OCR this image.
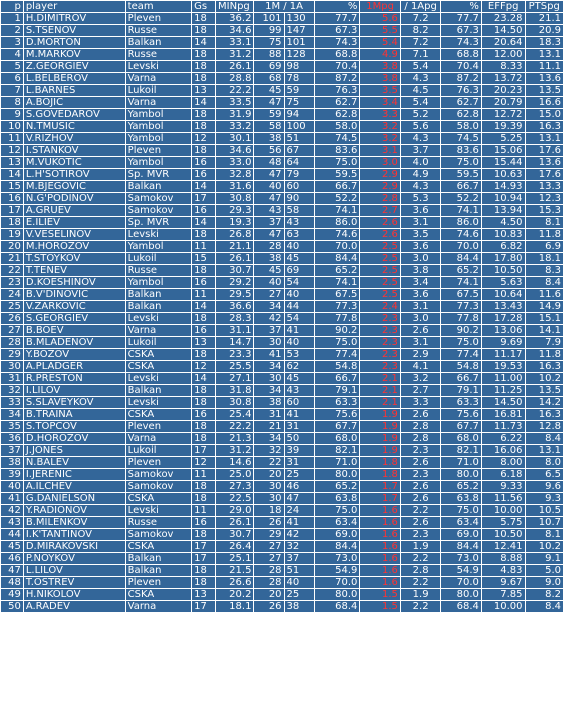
p	player	team	Gs	MINpg	1M / 1A		%	1Mpg	/ 1Apg	%	EFFpg	PTSpg
1	H.DIMITROV	Pleven	18	36.2	101	130	77.7	5.6	7.2	77.7	23.28	21.1
2	S.TSENOV	Russe	18	34.6	99	147	67.3	5.5	8.2	67.3	14.50	20.9
3	D.MORTON	Balkan	14	33.1	75	101	74.3	5.4	7.2	74.3	20.64	18.3
4	M.MARKOV	Russe	18	31.2	88	128	68.8	4.9	7.1	68.8	12.00	13.1
5	Z.GEORGIEV	Levski	18	26.1	69	98	70.4	3.8	5.4	70.4	8.33	11.1
6	L.BELBEROV	Varna	18	28.8	68	78	87.2	3.8	4.3	87.2	13.72	13.6
7	L.BARNES	Lukoil	13	22.2	45	59	76.3	3.5	4.5	76.3	20.23	13.5
8	A.BOJIC	Varna	14	33.5	47	75	62.7	3.4	5.4	62.7	20.79	16.6
9	S.GOVEDAROV	Yambol	18	31.9	59	94	62.8	3.3	5.2	62.8	12.72	15.0
10	N.TMUSIC	Yambol	18	33.2	58	100	58.0	3.2	5.6	58.0	19.39	16.3
11	V.RIZHOV	Yambol	12	30.1	38	51	74.5	3.2	4.3	74.5	5.25	13.1
12	I.STANKOV	Pleven	18	34.6	56	67	83.6	3.1	3.7	83.6	15.06	17.6
13	M.VUKOTIC	Yambol	16	33.0	48	64	75.0	3.0	4.0	75.0	15.44	13.6
14	L.H'SOTIROV	Sp. MVR	16	32.8	47	79	59.5	2.9	4.9	59.5	10.63	17.6
15	M.BJEGOVIC	Balkan	14	31.6	40	60	66.7	2.9	4.3	66.7	14.93	13.3
16	N.G'PODINOV	Samokov	17	30.8	47	90	52.2	2.8	5.3	52.2	10.94	12.3
17	A.GRUEV	Samokov	16	29.3	43	58	74.1	2.7	3.6	74.1	13.94	15.3
18	E.ILIEV	Sp. MVR	14	19.3	37	43	86.0	2.6	3.1	86.0	4.50	8.1
19	V.VESELINOV	Levski	18	26.8	47	63	74.6	2.6	3.5	74.6	10.83	11.8
20	M.HOROZOV	Yambol	11	21.1	28	40	70.0	2.5	3.6	70.0	6.82	6.9
21	T.STOYKOV	Lukoil	15	26.1	38	45	84.4	2.5	3.0	84.4	17.80	18.1
22	T.TENEV	Russe	18	30.7	45	69	65.2	2.5	3.8	65.2	10.50	8.3
23	D.KOESHINOV	Yambol	16	29.2	40	54	74.1	2.5	3.4	74.1	5.63	8.4
24	B.V'DINOVIC	Balkan	11	29.5	27	40	67.5	2.5	3.6	67.5	10.64	11.6
25	V.ZARKOVIC	Balkan	14	36.6	34	44	77.3	2.4	3.1	77.3	13.43	14.9
26	S.GEORGIEV	Levski	18	28.3	42	54	77.8	2.3	3.0	77.8	17.28	15.1
27	B.BOEV	Varna	16	31.1	37	41	90.2	2.3	2.6	90.2	13.06	14.1
28	B.MLADENOV	Lukoil	13	14.7	30	40	75.0	2.3	3.1	75.0	9.69	7.9
29	Y.BOZOV	CSKA	18	23.3	41	53	77.4	2.3	2.9	77.4	11.17	11.8
30	A.PLADGER	CSKA	12	25.5	34	62	54.8	2.3	4.1	54.8	19.53	16.3
31	R.PRESTON	Levski	14	27.1	30	45	66.7	2.1	3.2	66.7	11.00	10.2
32	I.LILOV	Balkan	18	31.8	34	43	79.1	2.1	2.7	79.1	11.25	13.5
33	S.SLAVEYKOV	Levski	18	30.8	38	60	63.3	2.1	3.3	63.3	14.50	14.2
34	B.TRAINA	CSKA	16	25.4	31	41	75.6	1.9	2.6	75.6	16.81	16.3
35	S.TOPCOV	Pleven	18	22.2	21	31	67.7	1.9	2.8	67.7	11.73	12.8
36	D.HOROZOV	Varna	18	21.3	34	50	68.0	1.9	2.8	68.0	6.22	8.4
37	J.JONES	Lukoil	17	31.2	32	39	82.1	1.9	2.3	82.1	16.06	13.1
38	N.BALEV	Pleven	12	14.6	22	31	71.0	1.8	2.6	71.0	8.00	8.0
39	I.JERENIC	Samokov	11	25.0	20	25	80.0	1.8	2.3	80.0	6.18	6.5
40	A.ILCHEV	Samokov	18	27.3	30	46	65.2	1.7	2.6	65.2	9.33	9.6
41	G.DANIELSON	CSKA	18	22.5	30	47	63.8	1.7	2.6	63.8	11.56	9.3
42	Y.RADIONOV	Levski	11	29.0	18	24	75.0	1.6	2.2	75.0	10.00	10.5
43	B.MILENKOV	Russe	16	26.1	26	41	63.4	1.6	2.6	63.4	5.75	10.7
44	I.K'TANTINOV	Samokov	18	30.7	29	42	69.0	1.6	2.3	69.0	10.50	8.1
45	D.MIRAKOVSKI	CSKA	17	26.4	27	32	84.4	1.6	1.9	84.4	12.41	10.2
46	P.NOYKOV	Balkan	17	25.1	27	37	73.0	1.6	2.2	73.0	8.88	9.1
47	L.LILOV	Balkan	18	21.5	28	51	54.9	1.6	2.8	54.9	4.83	5.0
48	T.OSTREV	Pleven	18	26.6	28	40	70.0	1.6	2.2	70.0	9.67	9.0
49	H.NIKOLOV	CSKA	13	20.2	20	25	80.0	1.5	1.9	80.0	7.85	8.2
50	A.RADEV	Varna	17	18.1	26	38	68.4	1.5	2.2	68.4	10.00	8.4
